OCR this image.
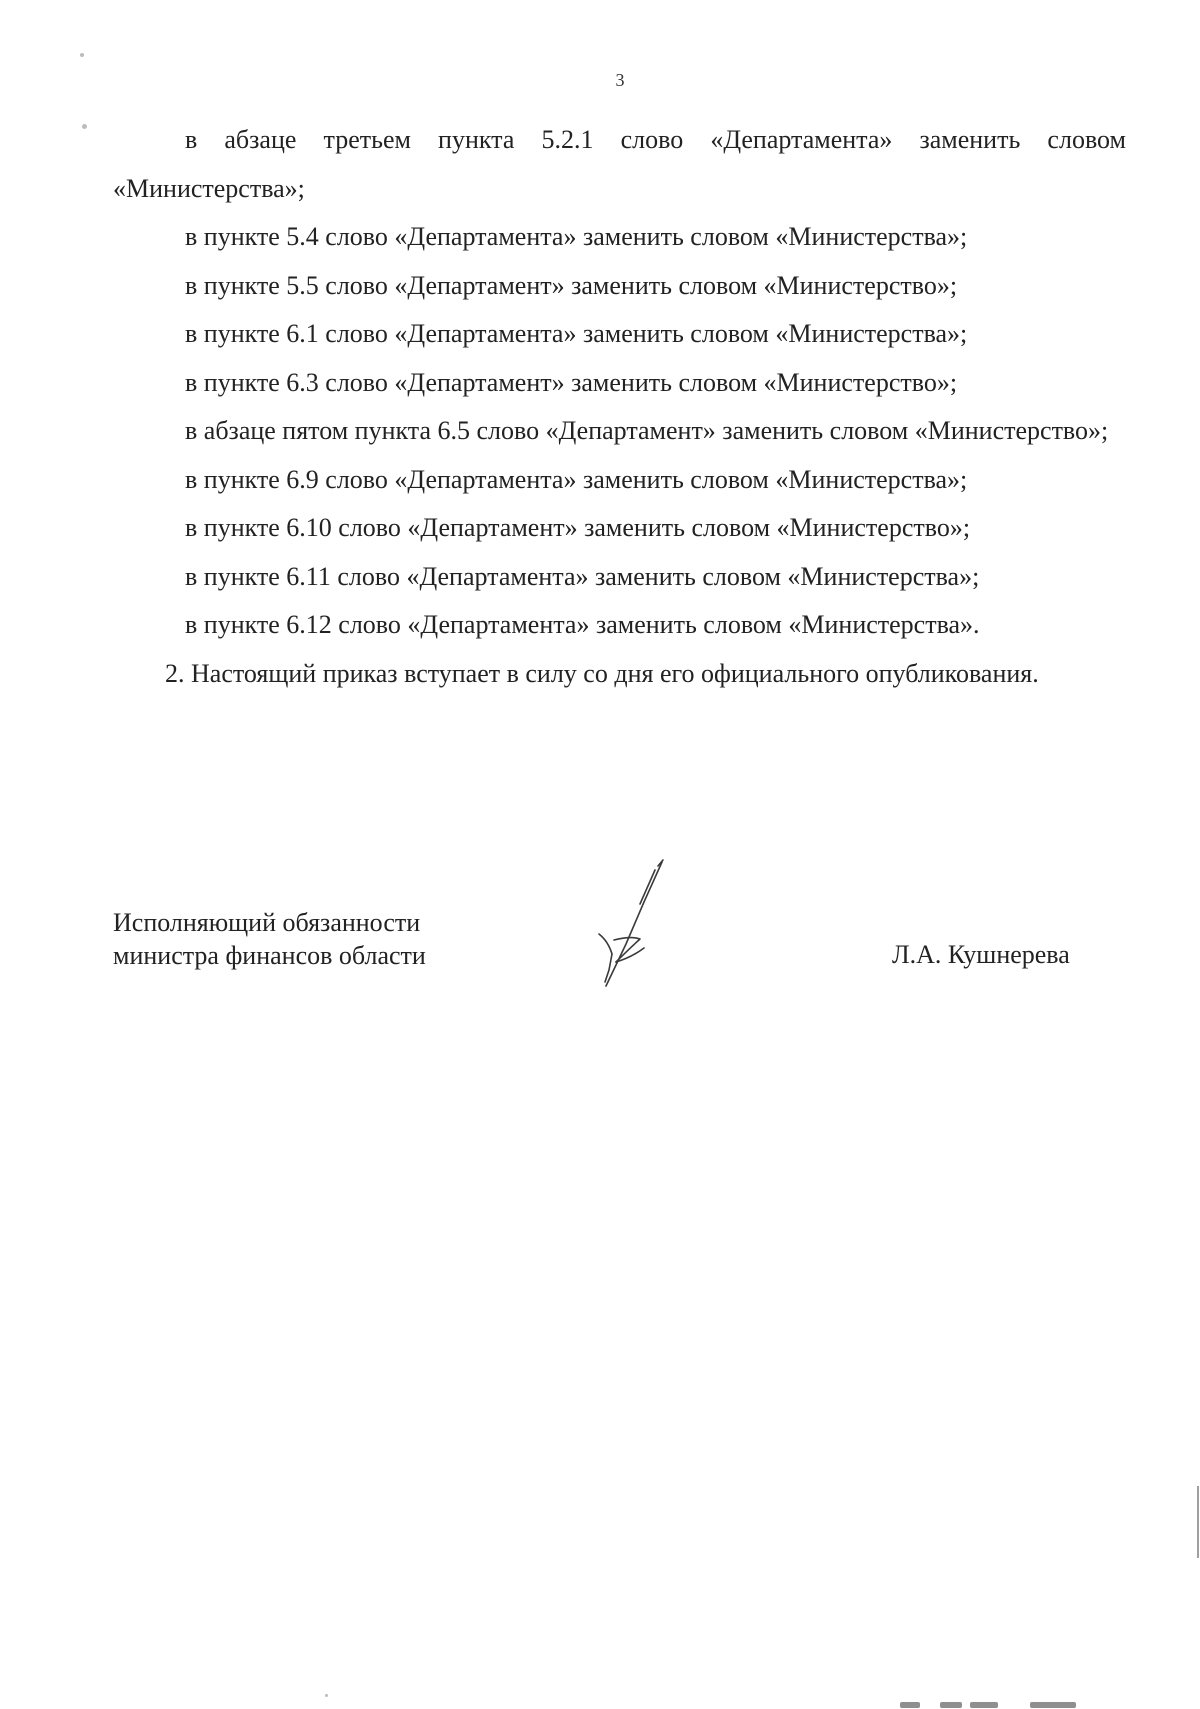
3

в абзаце третьем пункта 5.2.1 слово «Департамента» заменить словом «Министерства»;

в пункте 5.4 слово «Департамента» заменить словом «Министерства»;

в пункте 5.5 слово «Департамент» заменить словом «Министерство»;

в пункте 6.1 слово «Департамента» заменить словом «Министерства»;

в пункте 6.3 слово «Департамент» заменить словом «Министерство»;

в абзаце пятом пункта 6.5 слово «Департамент» заменить словом «Министерство»;

в пункте 6.9 слово «Департамента» заменить словом «Министерства»;

в пункте 6.10 слово «Департамент» заменить словом «Министерство»;

в пункте 6.11 слово «Департамента» заменить словом «Министерства»;

в пункте 6.12 слово «Департамента» заменить словом «Министерства».

2. Настоящий приказ вступает в силу со дня его официального опубликования.

Исполняющий обязанности
министра финансов области	Л.А. Кушнерева
